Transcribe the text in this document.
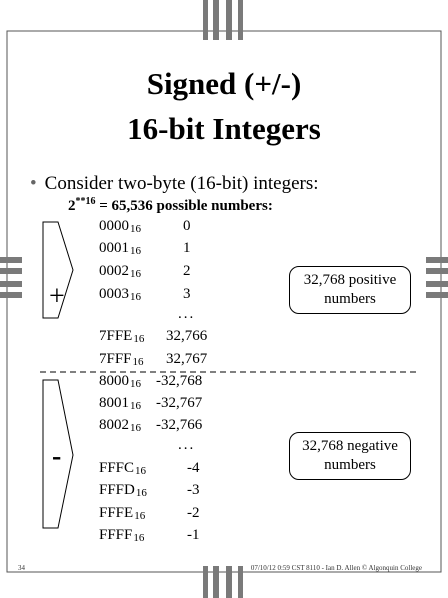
Signed (+/-)
16-bit Integers
• Consider two-byte (16-bit) integers:
$2^{**16} = 65,536$ possible numbers:
+
-
$0000_{16}$	0
$0001_{16}$	1
$0002_{16}$	2
$0003_{16}$	3
...
$7FFE_{16}$ 32,766
$7FFF_{16}$ 32,767
$8000_{16}$ -32,768
$8001_{16}$ -32,767
$8002_{16}$ -32,766
...
$FFFC_{16}$	-4
$FFFD_{16}$	-3
$FFFE_{16}$	-2
$FFFF_{16}$	-1
32,768 positive
numbers
32,768 negative
numbers
34	07/10/12 0:59 CST 8110 - Ian D. Allen © Algonquin College
